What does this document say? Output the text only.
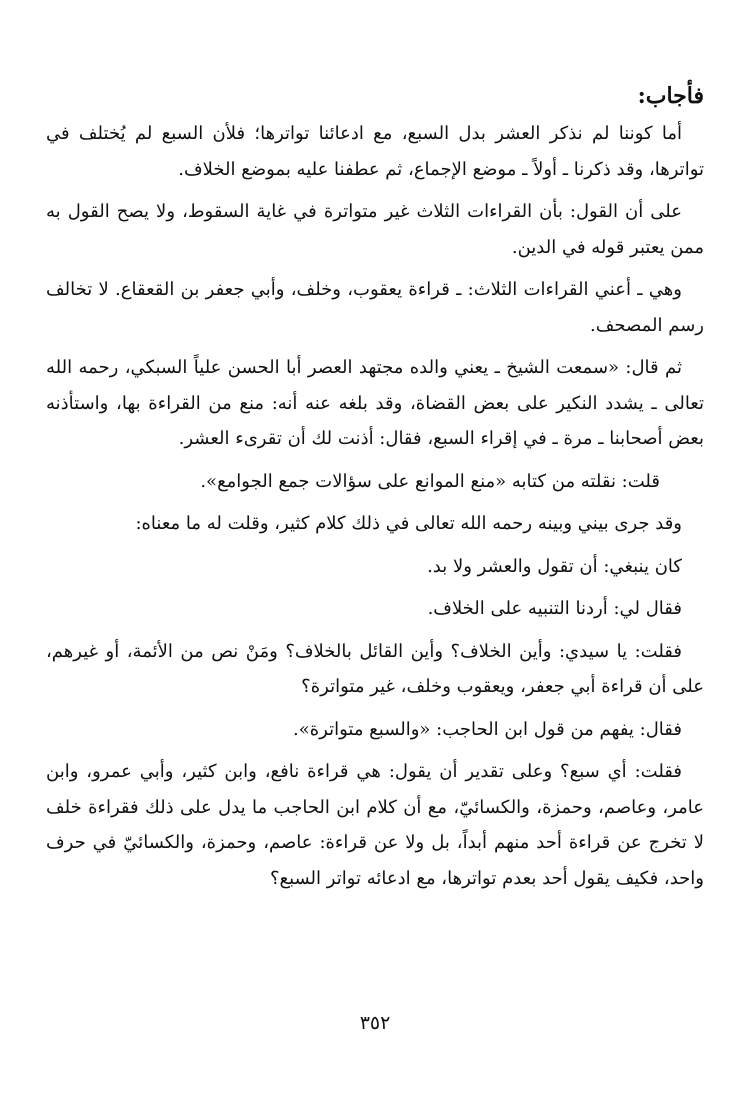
فأجاب:

أما كوننا لم نذكر العشر بدل السبع، مع ادعائنا تواترها؛ فلأن السبع لم يُختلف في تواترها، وقد ذكرنا ـ أولاً ـ موضع الإجماع، ثم عطفنا عليه بموضع الخلاف.

على أن القول: بأن القراءات الثلاث غير متواترة في غاية السقوط، ولا يصح القول به ممن يعتبر قوله في الدين.

وهي ـ أعني القراءات الثلاث: ـ قراءة يعقوب، وخلف، وأبي جعفر بن القعقاع. لا تخالف رسم المصحف.

ثم قال: «سمعت الشيخ ـ يعني والده مجتهد العصر أبا الحسن علياً السبكي، رحمه الله تعالى ـ يشدد النكير على بعض القضاة، وقد بلغه عنه أنه: منع من القراءة بها، واستأذنه بعض أصحابنا ـ مرة ـ في إقراء السبع، فقال: أذنت لك أن تقرىء العشر.

قلت: نقلته من كتابه «منع الموانع على سؤالات جمع الجوامع».

وقد جرى بيني وبينه رحمه الله تعالى في ذلك كلام كثير، وقلت له ما معناه:

كان ينبغي: أن تقول والعشر ولا بد.

فقال لي: أردنا التنبيه على الخلاف.

فقلت: يا سيدي: وأين الخلاف؟ وأين القائل بالخلاف؟ ومَنْ نص من الأئمة، أو غيرهم، على أن قراءة أبي جعفر، ويعقوب وخلف، غير متواترة؟

فقال: يفهم من قول ابن الحاجب: «والسبع متواترة».

فقلت: أي سبع؟ وعلى تقدير أن يقول: هي قراءة نافع، وابن كثير، وأبي عمرو، وابن عامر، وعاصم، وحمزة، والكسائيّ، مع أن كلام ابن الحاجب ما يدل على ذلك فقراءة خلف لا تخرج عن قراءة أحد منهم أبداً، بل ولا عن قراءة: عاصم، وحمزة، والكسائيّ في حرف واحد، فكيف يقول أحد بعدم تواترها، مع ادعائه تواتر السبع؟

٣٥٢
